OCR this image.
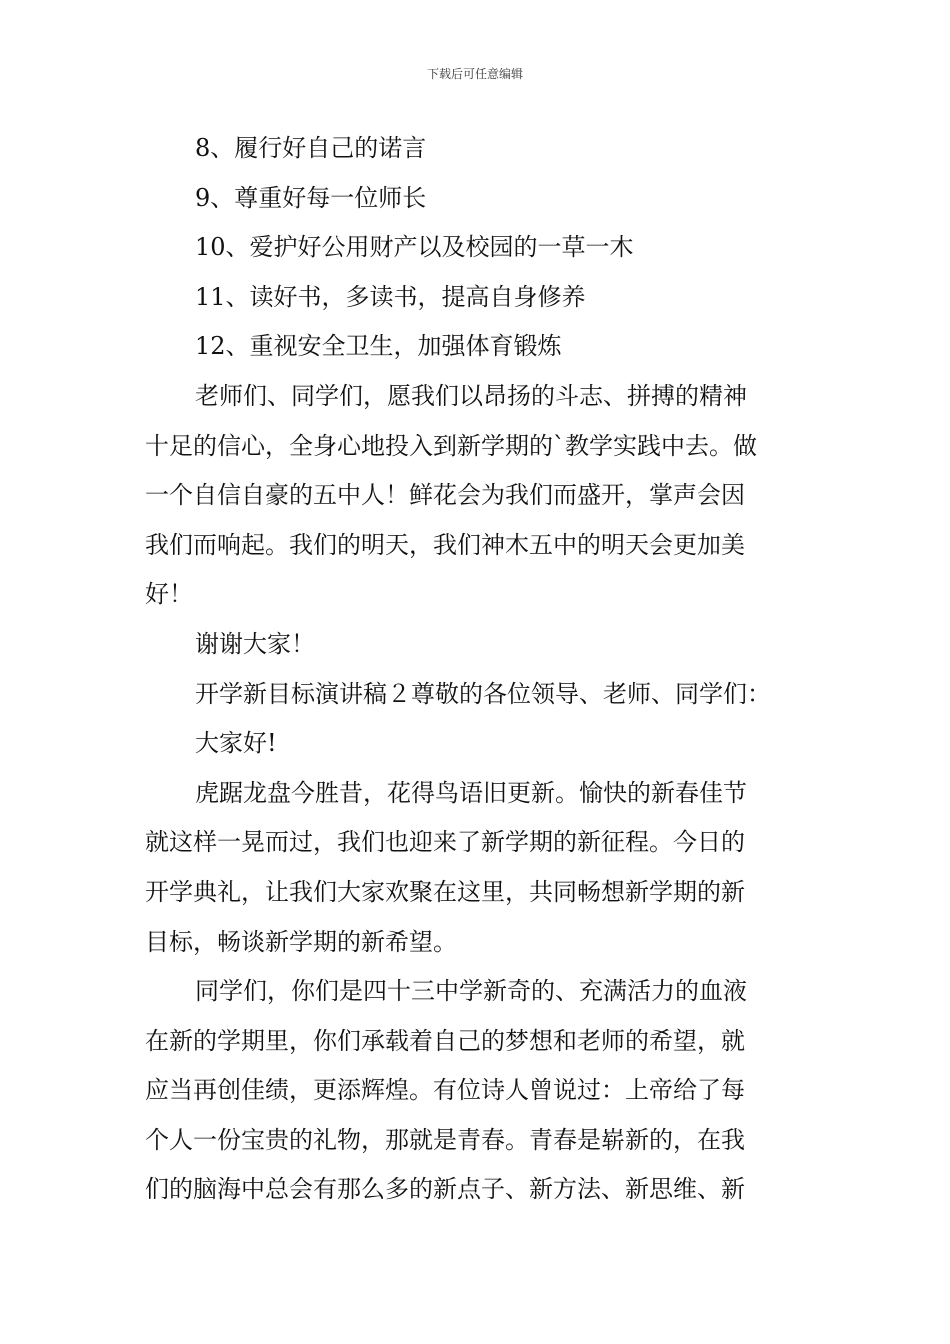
下载后可任意编辑

8、履行好自己的诺言

9、尊重好每一位师长

10、爱护好公用财产以及校园的一草一木

11、读好书，多读书，提高自身修养

12、重视安全卫生，加强体育锻炼

老师们、同学们，愿我们以昂扬的斗志、拼搏的精神

十足的信心，全身心地投入到新学期的`教学实践中去。做

一个自信自豪的五中人！鲜花会为我们而盛开，掌声会因

我们而响起。我们的明天，我们神木五中的明天会更加美

好！

谢谢大家！

开学新目标演讲稿２尊敬的各位领导、老师、同学们：

大家好!

虎踞龙盘今胜昔，花得鸟语旧更新。愉快的新春佳节

就这样一晃而过，我们也迎来了新学期的新征程。今日的

开学典礼，让我们大家欢聚在这里，共同畅想新学期的新

目标，畅谈新学期的新希望。

同学们，你们是四十三中学新奇的、充满活力的血液

在新的学期里，你们承载着自己的梦想和老师的希望，就

应当再创佳绩，更添辉煌。有位诗人曾说过：上帝给了每

个人一份宝贵的礼物，那就是青春。青春是崭新的，在我

们的脑海中总会有那么多的新点子、新方法、新思维、新
